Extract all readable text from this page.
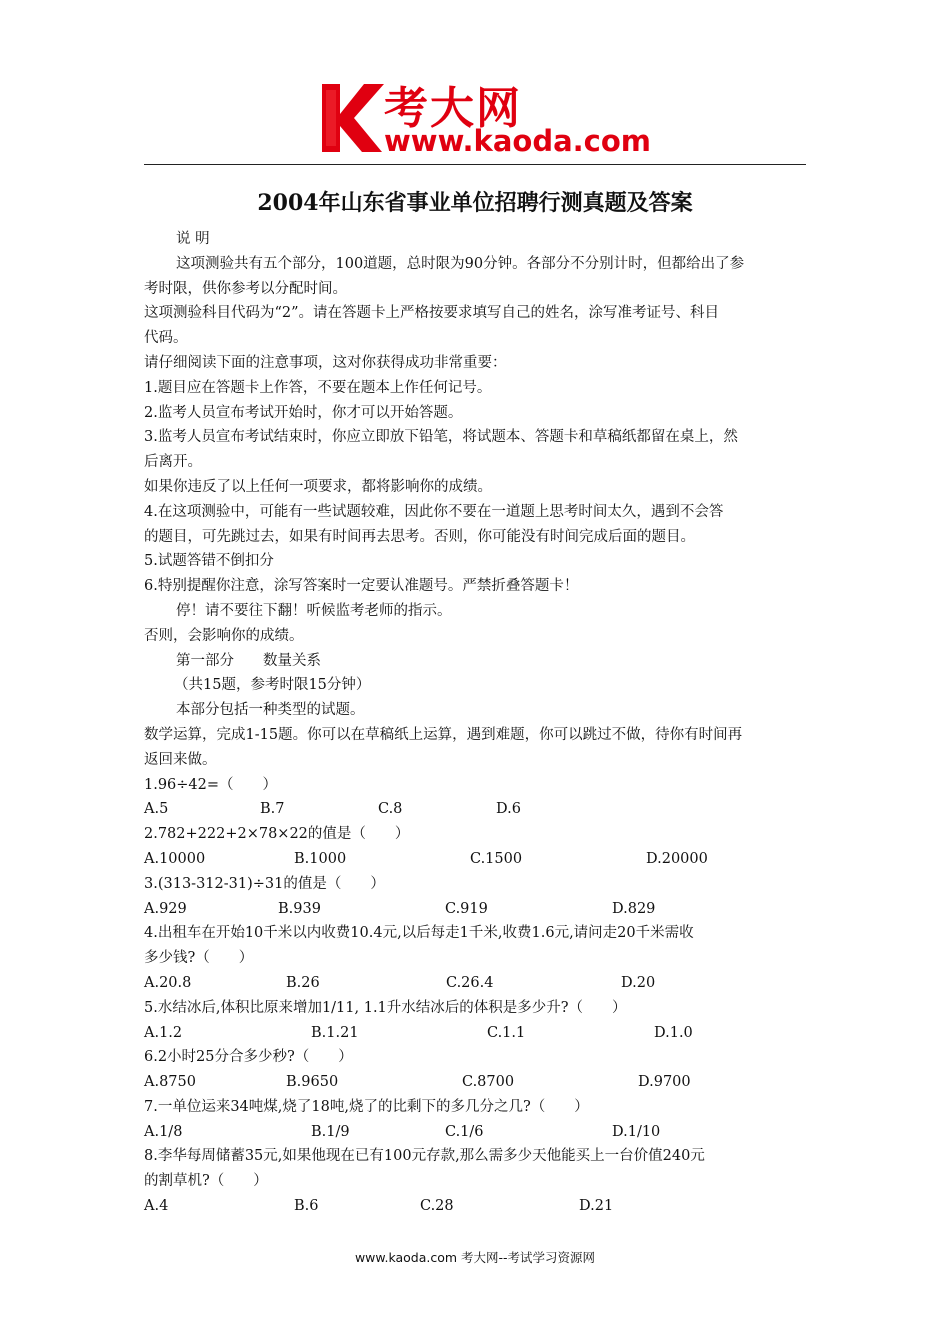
考大网
www.kaoda.com
2004年山东省事业单位招聘行测真题及答案

说 明

这项测验共有五个部分，100道题，总时限为90分钟。各部分不分别计时，但都给出了参

考时限，供你参考以分配时间。

这项测验科目代码为“2”。请在答题卡上严格按要求填写自己的姓名，涂写准考证号、科目

代码。

请仔细阅读下面的注意事项，这对你获得成功非常重要：

1.题目应在答题卡上作答，不要在题本上作任何记号。

2.监考人员宣布考试开始时，你才可以开始答题。

3.监考人员宣布考试结束时，你应立即放下铅笔，将试题本、答题卡和草稿纸都留在桌上，然

后离开。

如果你违反了以上任何一项要求，都将影响你的成绩。

4.在这项测验中，可能有一些试题较难，因此你不要在一道题上思考时间太久，遇到不会答

的题目，可先跳过去，如果有时间再去思考。否则，你可能没有时间完成后面的题目。

5.试题答错不倒扣分

6.特别提醒你注意，涂写答案时一定要认准题号。严禁折叠答题卡！

停！请不要往下翻！听候监考老师的指示。

否则，会影响你的成绩。

第一部分　　数量关系

（共15题，参考时限15分钟）

本部分包括一种类型的试题。

数学运算，完成1-15题。你可以在草稿纸上运算，遇到难题，你可以跳过不做，待你有时间再

返回来做。

1.96÷42=（　　）

A.5	B.7	C.8	D.6

2.782+222+2×78×22的值是（　　）

A.10000	B.1000	C.1500	D.20000

3.(313-312-31)÷31的值是（　　）

A.929	B.939	C.919	D.829

4.出租车在开始10千米以内收费10.4元,以后每走1千米,收费1.6元,请问走20千米需收

多少钱?（　　）

A.20.8	B.26	C.26.4	D.20

5.水结冰后,体积比原来增加1/11, 1.1升水结冰后的体积是多少升?（　　）

A.1.2	B.1.21	C.1.1	D.1.0

6.2小时25分合多少秒?（　　）

A.8750	B.9650	C.8700	D.9700

7.一单位运来34吨煤,烧了18吨,烧了的比剩下的多几分之几?（　　）

A.1/8	B.1/9	C.1/6	D.1/10

8.李华每周储蓄35元,如果他现在已有100元存款,那么需多少天他能买上一台价值240元

的割草机?（　　）

A.4	B.6	C.28	D.21
www.kaoda.com 考大网--考试学习资源网
